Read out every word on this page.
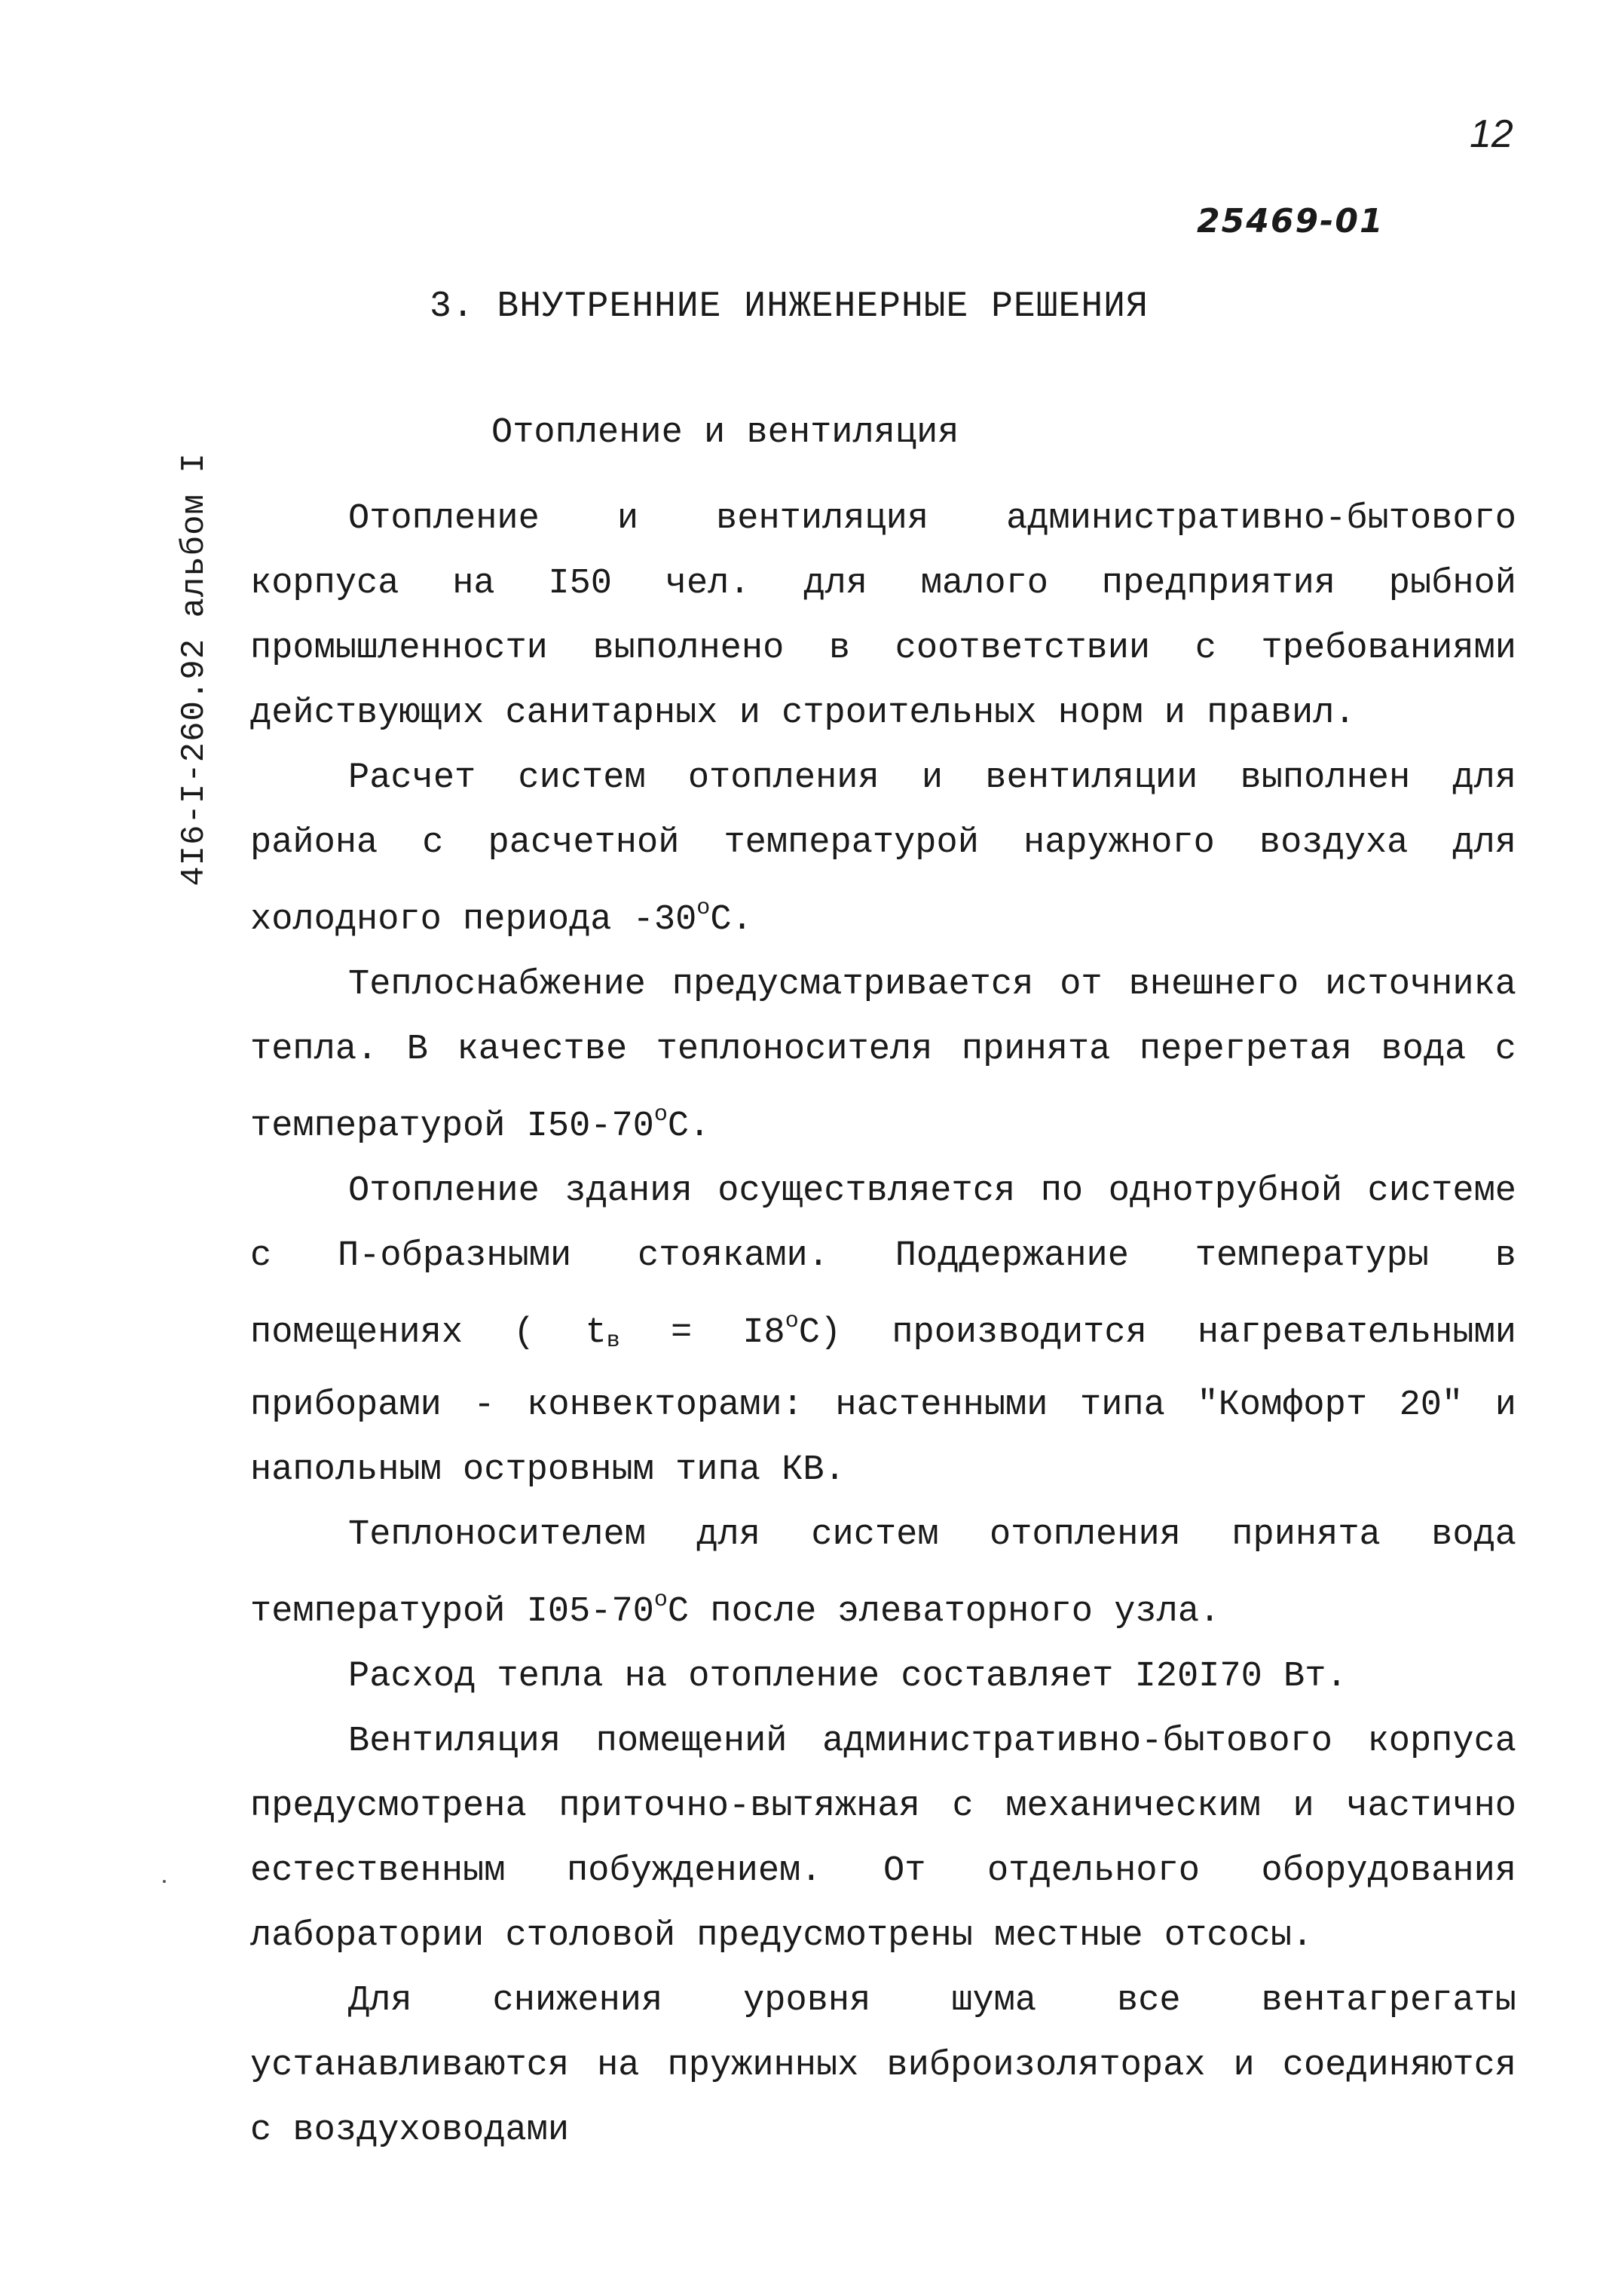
12
25469-01
4I6-I-260.92 альбом I
3. ВНУТРЕННИЕ ИНЖЕНЕРНЫЕ РЕШЕНИЯ
Отопление и вентиляция

Отопление и вентиляция административно-бытового корпуса на I50 чел. для малого предприятия рыбной промышленности выполнено в соответствии с требованиями действующих санитарных и строительных норм и правил.

Расчет систем отопления и вентиляции выполнен для района с расчетной температурой наружного воздуха для холодного периода $-30^оС$.

Теплоснабжение предусматривается от внешнего источника тепла. В качестве теплоносителя принята перегретая вода с температурой $I50-70^оС$.

Отопление здания осуществляется по однотрубной системе с П-образными стояками. Поддержание температуры в помещениях ( $t_в = I8^оС$) производится нагревательными приборами - конвекторами: настенными типа "Комфорт 20" и напольным островным типа КВ.

Теплоносителем для систем отопления принята вода температурой $I05-70^оС$ после элеваторного узла.

Расход тепла на отопление составляет I20I70 Вт.

Вентиляция помещений административно-бытового корпуса предусмотрена приточно-вытяжная с механическим и частично естественным побуждением. От отдельного оборудования лаборатории столовой предусмотрены местные отсосы.

Для снижения уровня шума все вентагрегаты устанавливаются на пружинных виброизоляторах и соединяются с воздуховодами
